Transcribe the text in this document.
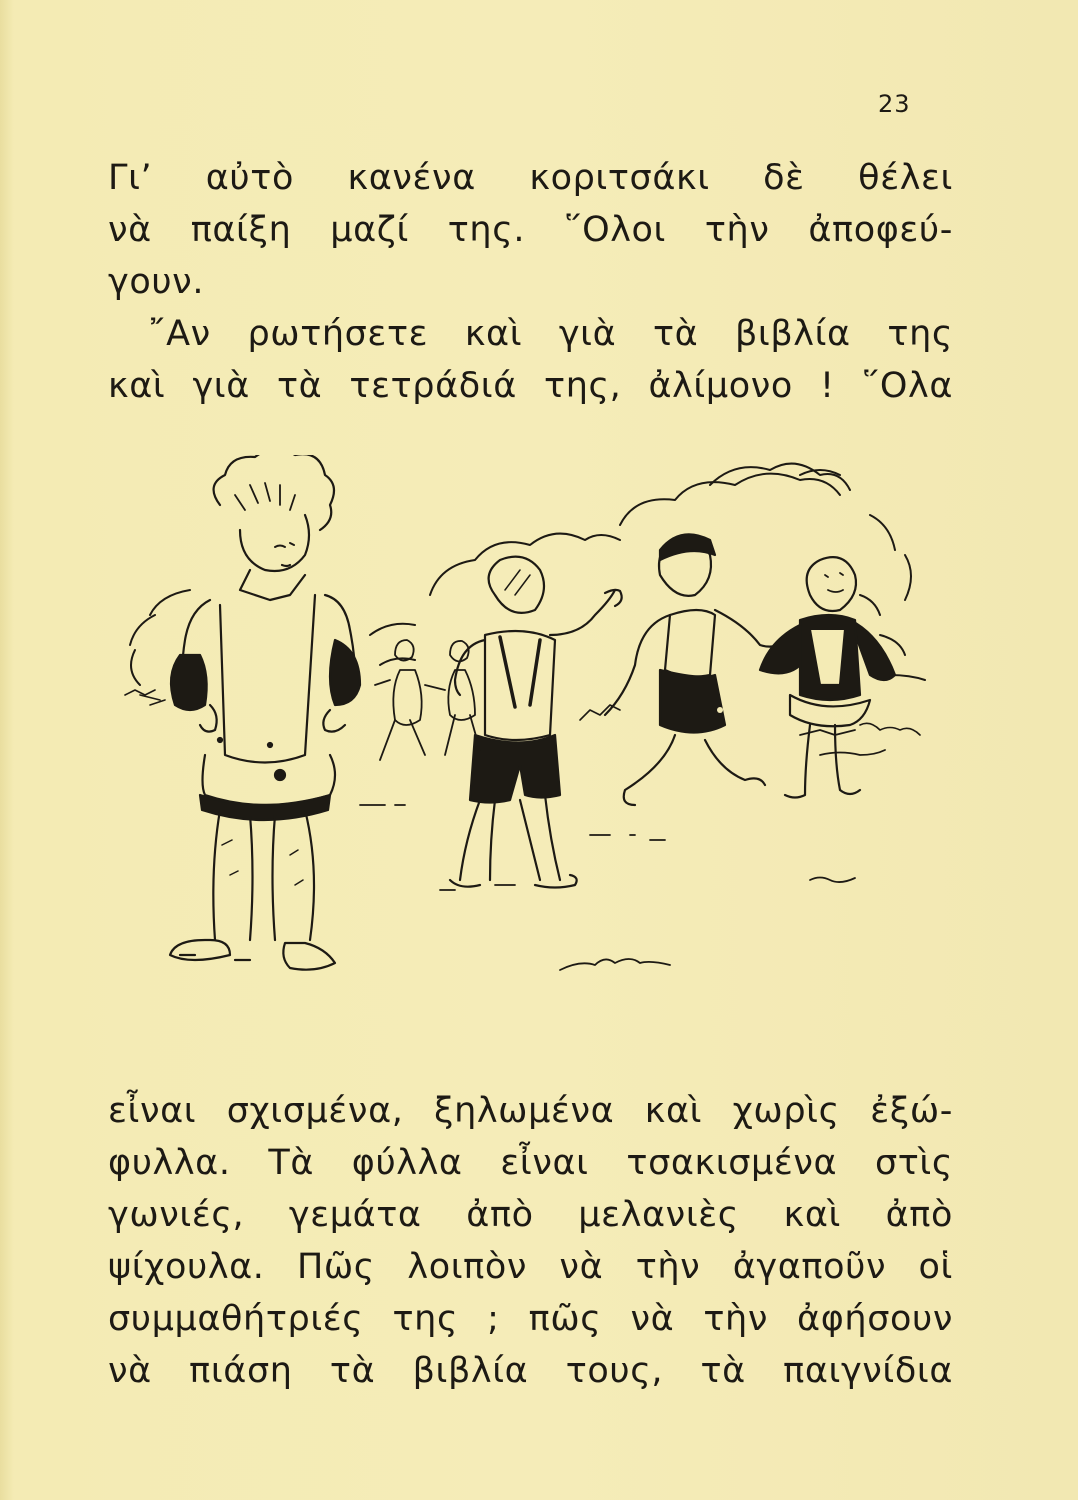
23
Γι’ αὐτὸ κανένα κοριτσάκι δὲ θέλει
νὰ παίξη μαζί της. ῞Ολοι τὴν ἀποφεύ-
γουν.
῎Αν ρωτήσετε καὶ γιὰ τὰ βιβλία της
καὶ γιὰ τὰ τετράδιά της, ἀλίμονο ! ῞Ολα
εἶναι σχισμένα, ξηλωμένα καὶ χωρὶς ἐξώ-
φυλλα. Τὰ φύλλα εἶναι τσακισμένα στὶς
γωνιές, γεμάτα ἀπὸ μελανιὲς καὶ ἀπὸ
ψίχουλα. Πῶς λοιπὸν νὰ τὴν ἀγαποῦν οἱ
συμμαθήτριές της ; πῶς νὰ τὴν ἀφήσουν
νὰ πιάση τὰ βιβλία τους, τὰ παιγνίδια
